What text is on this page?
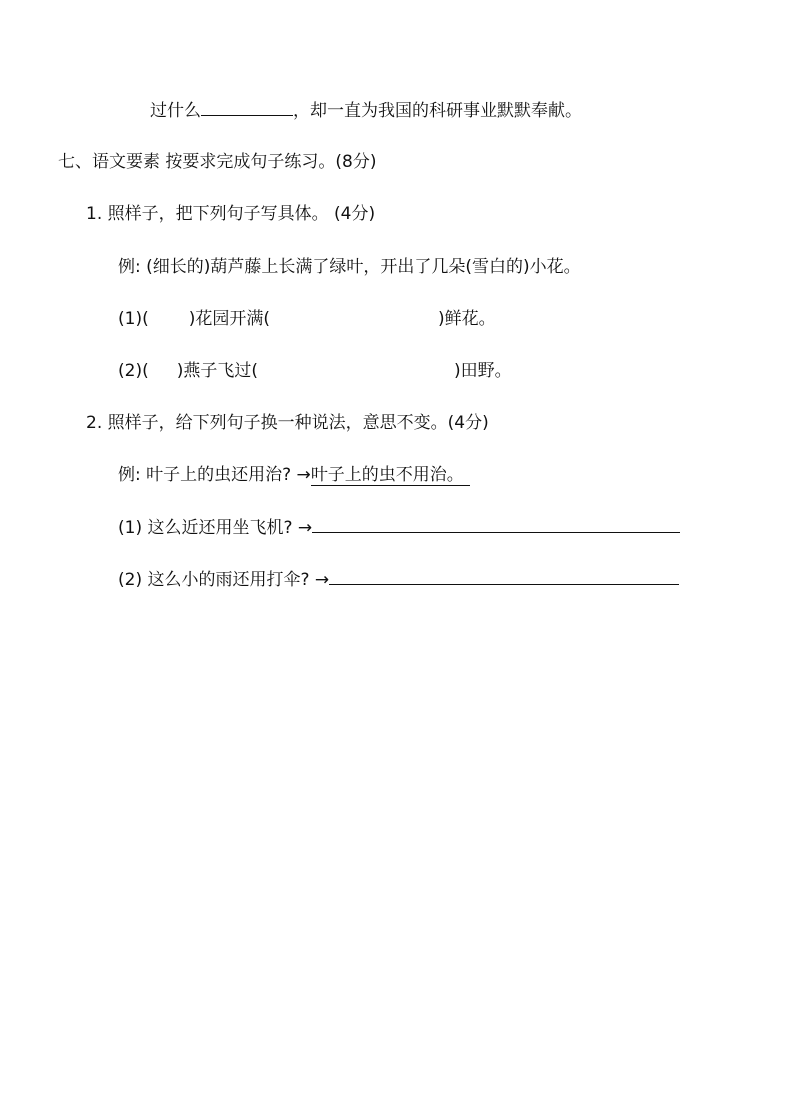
过什么	，却一直为我国的科研事业默默奉献。
七、语文要素 按要求完成句子练习。(8分)
1. 照样子，把下列句子写具体。 (4分)
例: (细长的)葫芦藤上长满了绿叶，开出了几朵(雪白的)小花。
(1)( )花园开满(	)鲜花。
(2)( )燕子飞过(	)田野。
2. 照样子，给下列句子换一种说法，意思不变。(4分)
例: 叶子上的虫还用治? →叶子上的虫不用治。
(1) 这么近还用坐飞机? →
(2) 这么小的雨还用打伞? →
